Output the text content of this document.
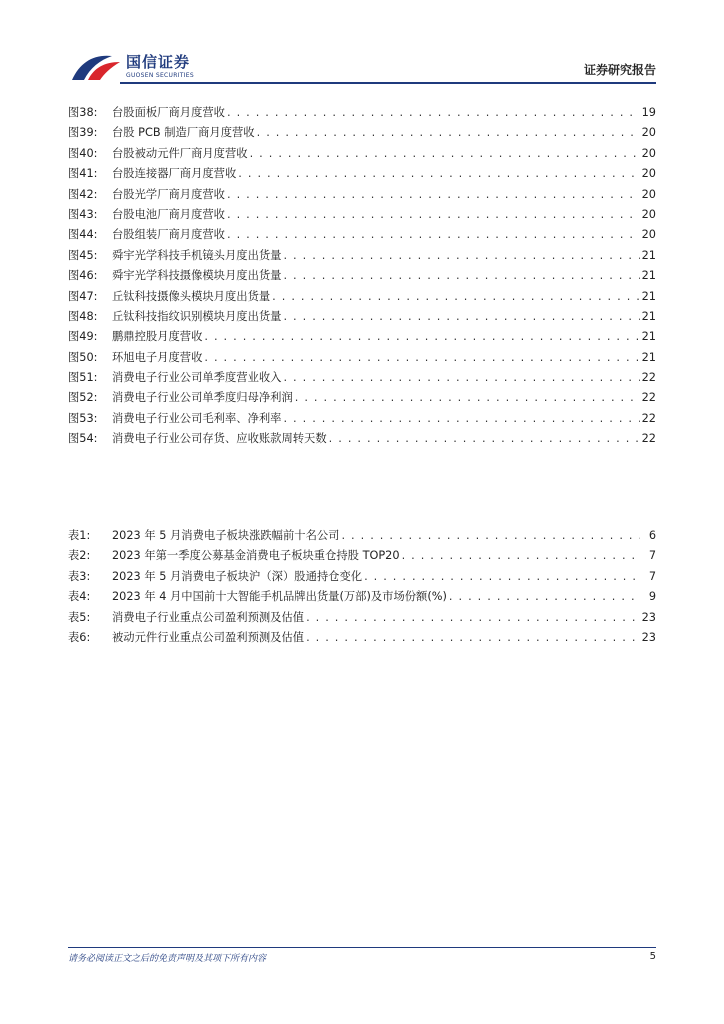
国信证券
GUOSEN SECURITIES	证券研究报告
图38:	台股面板厂商月度营收 . . .	19
图39:	台股 PCB 制造厂商月度营收 . . .	20
图40:	台股被动元件厂商月度营收 . . .	20
图41:	台股连接器厂商月度营收 . . .	20
图42:	台股光学厂商月度营收 . . .	20
图43:	台股电池厂商月度营收 . . .	20
图44:	台股组装厂商月度营收 . . .	20
图45:	舜宇光学科技手机镜头月度出货量 . . .	21
图46:	舜宇光学科技摄像模块月度出货量 . . .	21
图47:	丘钛科技摄像头模块月度出货量 . . .	21
图48:	丘钛科技指纹识别模块月度出货量 . . .	21
图49:	鹏鼎控股月度营收 . . .	21
图50:	环旭电子月度营收 . . .	21
图51:	消费电子行业公司单季度营业收入 . . .	22
图52:	消费电子行业公司单季度归母净利润 . . .	22
图53:	消费电子行业公司毛利率、净利率 . . .	22
图54:	消费电子行业公司存货、应收账款周转天数 . . .	22
表1:	2023 年 5 月消费电子板块涨跌幅前十名公司 . . .	6
表2:	2023 年第一季度公募基金消费电子板块重仓持股 TOP20 . . .	7
表3:	2023 年 5 月消费电子板块沪（深）股通持仓变化 . . .	7
表4:	2023 年 4 月中国前十大智能手机品牌出货量(万部)及市场份额(%) . . .	9
表5:	消费电子行业重点公司盈利预测及估值 . . .	23
表6:	被动元件行业重点公司盈利预测及估值 . . .	23
请务必阅读正文之后的免责声明及其项下所有内容	5
